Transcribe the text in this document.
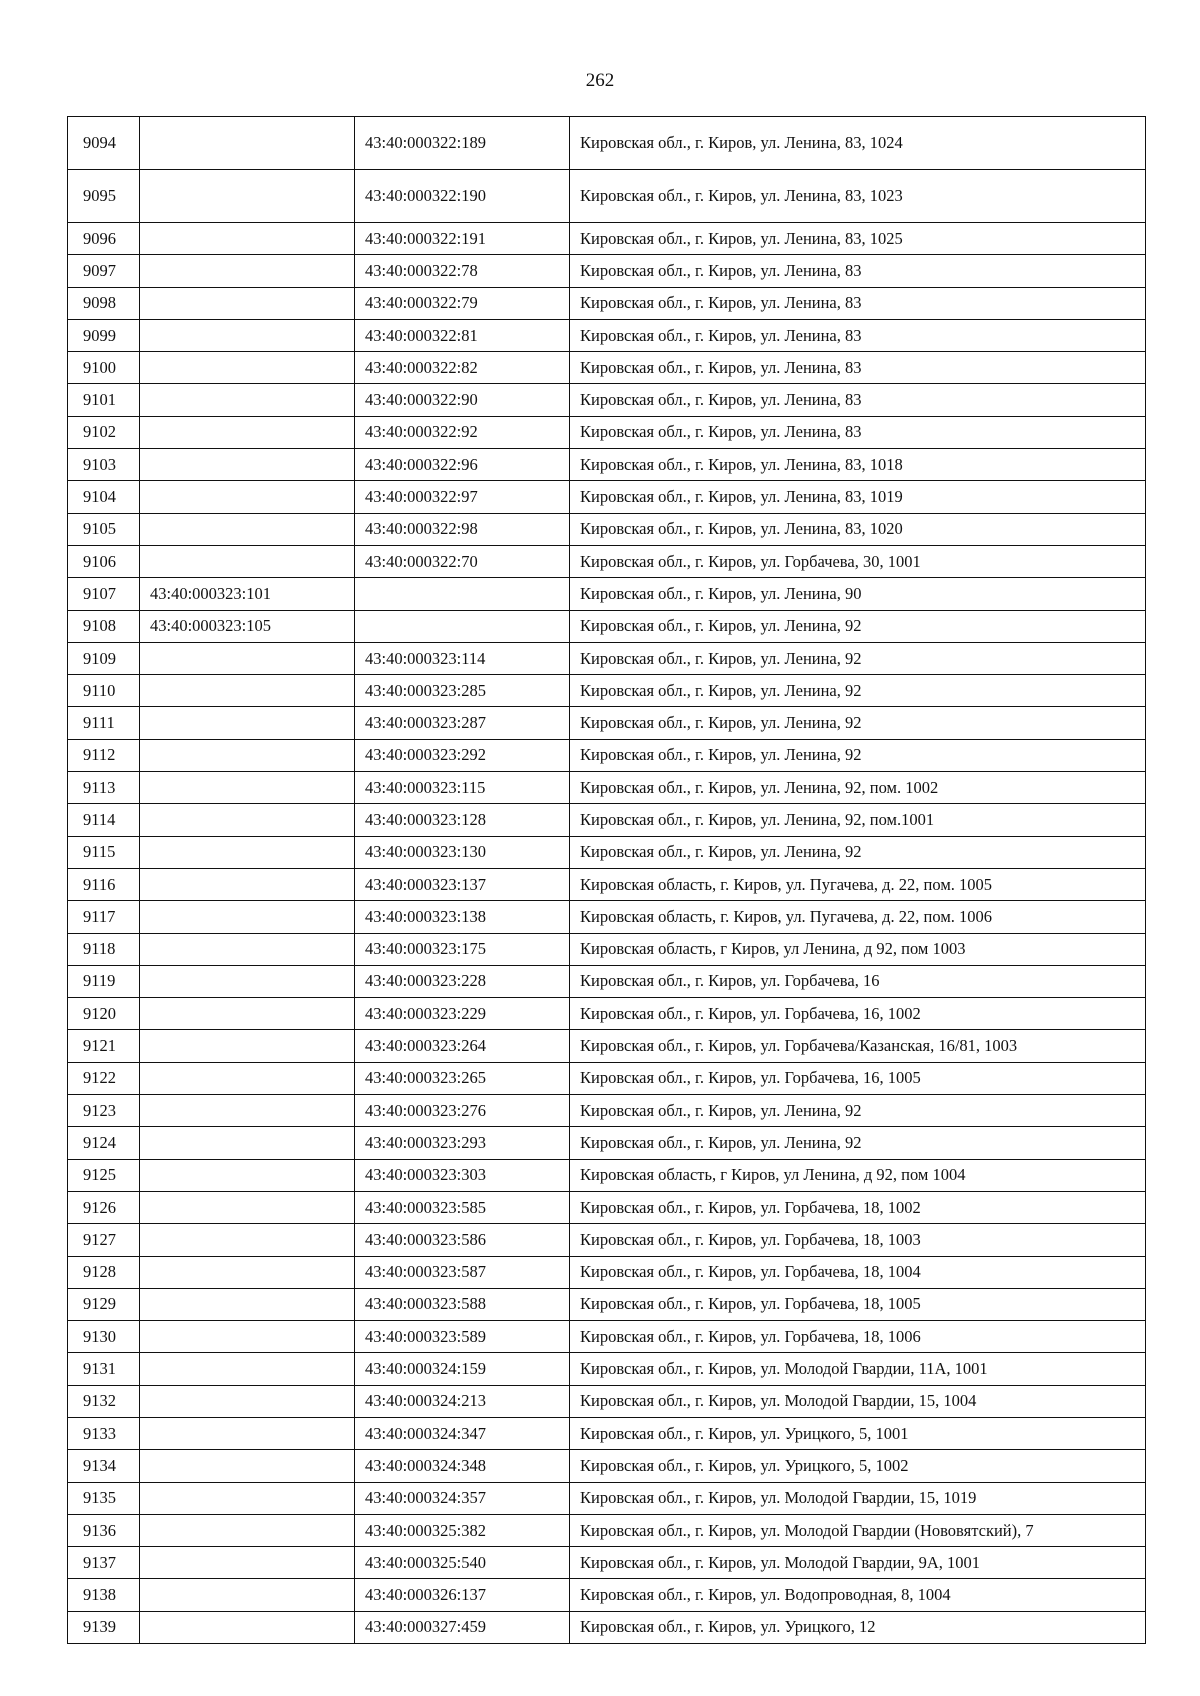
262
9094		43:40:000322:189	Кировская обл., г. Киров, ул. Ленина, 83, 1024
9095		43:40:000322:190	Кировская обл., г. Киров, ул. Ленина, 83, 1023
9096		43:40:000322:191	Кировская обл., г. Киров, ул. Ленина, 83, 1025
9097		43:40:000322:78	Кировская обл., г. Киров, ул. Ленина, 83
9098		43:40:000322:79	Кировская обл., г. Киров, ул. Ленина, 83
9099		43:40:000322:81	Кировская обл., г. Киров, ул. Ленина, 83
9100		43:40:000322:82	Кировская обл., г. Киров, ул. Ленина, 83
9101		43:40:000322:90	Кировская обл., г. Киров, ул. Ленина, 83
9102		43:40:000322:92	Кировская обл., г. Киров, ул. Ленина, 83
9103		43:40:000322:96	Кировская обл., г. Киров, ул. Ленина, 83, 1018
9104		43:40:000322:97	Кировская обл., г. Киров, ул. Ленина, 83, 1019
9105		43:40:000322:98	Кировская обл., г. Киров, ул. Ленина, 83, 1020
9106		43:40:000322:70	Кировская обл., г. Киров, ул. Горбачева, 30, 1001
9107	43:40:000323:101		Кировская обл., г. Киров, ул. Ленина, 90
9108	43:40:000323:105		Кировская обл., г. Киров, ул. Ленина, 92
9109		43:40:000323:114	Кировская обл., г. Киров, ул. Ленина, 92
9110		43:40:000323:285	Кировская обл., г. Киров, ул. Ленина, 92
9111		43:40:000323:287	Кировская обл., г. Киров, ул. Ленина, 92
9112		43:40:000323:292	Кировская обл., г. Киров, ул. Ленина, 92
9113		43:40:000323:115	Кировская обл., г. Киров, ул. Ленина, 92, пом. 1002
9114		43:40:000323:128	Кировская обл., г. Киров, ул. Ленина, 92, пом.1001
9115		43:40:000323:130	Кировская обл., г. Киров, ул. Ленина, 92
9116		43:40:000323:137	Кировская область, г. Киров, ул. Пугачева, д. 22, пом. 1005
9117		43:40:000323:138	Кировская область, г. Киров, ул. Пугачева, д. 22, пом. 1006
9118		43:40:000323:175	Кировская область, г Киров, ул Ленина, д 92, пом 1003
9119		43:40:000323:228	Кировская обл., г. Киров, ул. Горбачева, 16
9120		43:40:000323:229	Кировская обл., г. Киров, ул. Горбачева, 16, 1002
9121		43:40:000323:264	Кировская обл., г. Киров, ул. Горбачева/Казанская, 16/81, 1003
9122		43:40:000323:265	Кировская обл., г. Киров, ул. Горбачева, 16, 1005
9123		43:40:000323:276	Кировская обл., г. Киров, ул. Ленина, 92
9124		43:40:000323:293	Кировская обл., г. Киров, ул. Ленина, 92
9125		43:40:000323:303	Кировская область, г Киров, ул Ленина, д 92, пом 1004
9126		43:40:000323:585	Кировская обл., г. Киров, ул. Горбачева, 18, 1002
9127		43:40:000323:586	Кировская обл., г. Киров, ул. Горбачева, 18, 1003
9128		43:40:000323:587	Кировская обл., г. Киров, ул. Горбачева, 18, 1004
9129		43:40:000323:588	Кировская обл., г. Киров, ул. Горбачева, 18, 1005
9130		43:40:000323:589	Кировская обл., г. Киров, ул. Горбачева, 18, 1006
9131		43:40:000324:159	Кировская обл., г. Киров, ул. Молодой Гвардии, 11А, 1001
9132		43:40:000324:213	Кировская обл., г. Киров, ул. Молодой Гвардии, 15, 1004
9133		43:40:000324:347	Кировская обл., г. Киров, ул. Урицкого, 5, 1001
9134		43:40:000324:348	Кировская обл., г. Киров, ул. Урицкого, 5, 1002
9135		43:40:000324:357	Кировская обл., г. Киров, ул. Молодой Гвардии, 15, 1019
9136		43:40:000325:382	Кировская обл., г. Киров, ул. Молодой Гвардии (Нововятский), 7
9137		43:40:000325:540	Кировская обл., г. Киров, ул. Молодой Гвардии, 9А, 1001
9138		43:40:000326:137	Кировская обл., г. Киров, ул. Водопроводная, 8, 1004
9139		43:40:000327:459	Кировская обл., г. Киров, ул. Урицкого, 12
